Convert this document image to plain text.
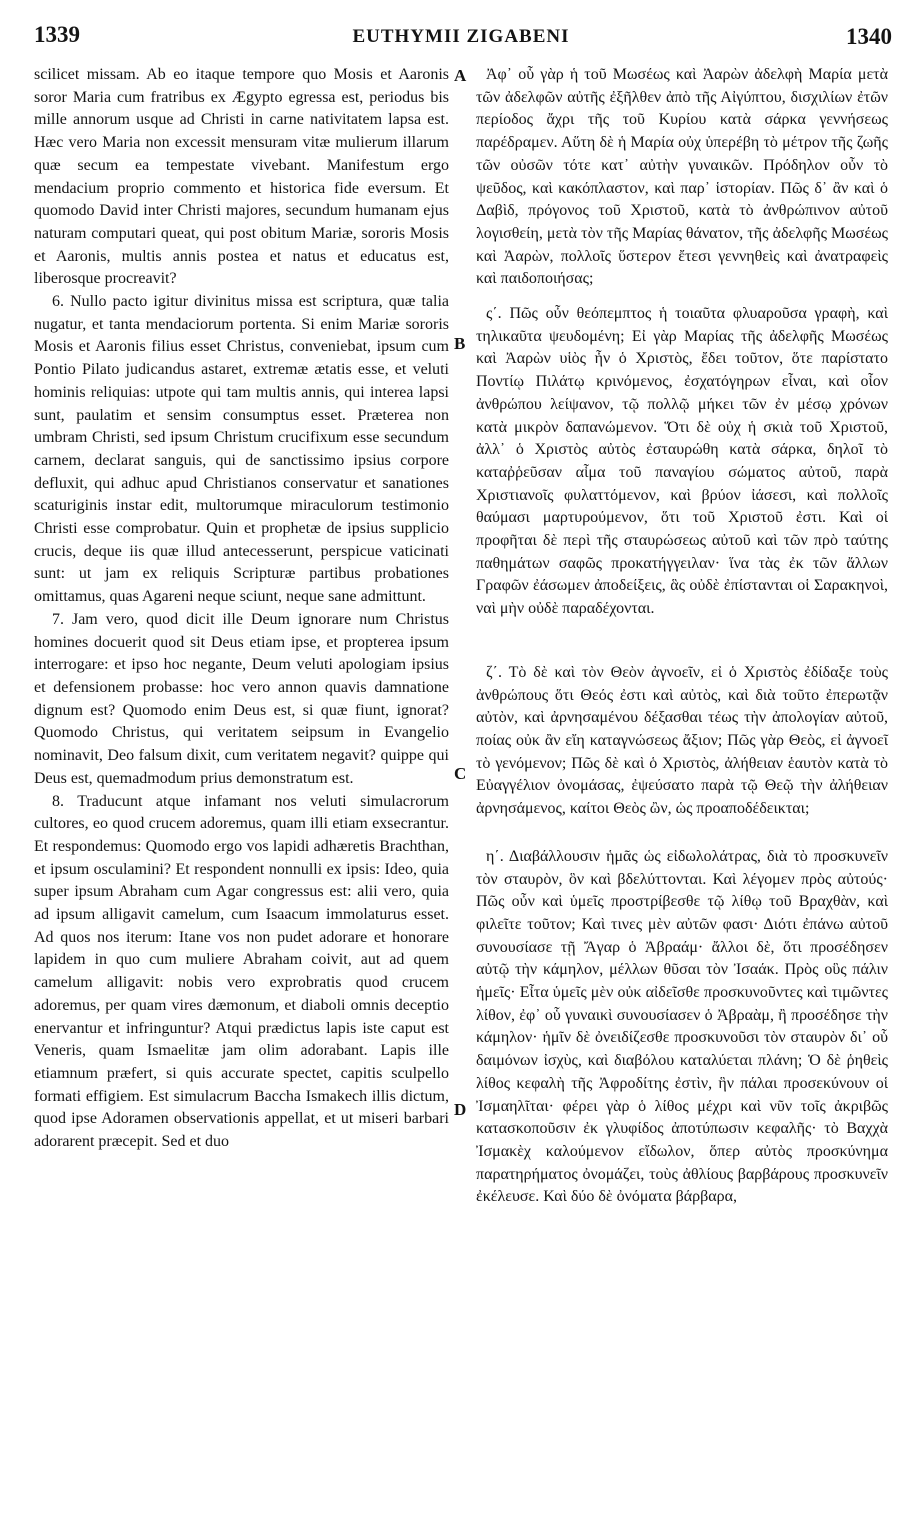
1339	EUTHYMII ZIGABENI	1340

scilicet missam. Ab eo itaque tempore quo Mosis et Aaronis soror Maria cum fratribus ex Ægypto egressa est, periodus bis mille annorum usque ad Christi in carne nativitatem lapsa est. Hæc vero Maria non excessit mensuram vitæ mulierum illarum quæ secum ea tempestate vivebant. Manifestum ergo mendacium proprio commento et historica fide eversum. Et quomodo David inter Christi majores, secundum humanam ejus naturam computari queat, qui post obitum Mariæ, sororis Mosis et Aaronis, multis annis postea et natus et educatus est, liberosque procreavit?

6. Nullo pacto igitur divinitus missa est scriptura, quæ talia nugatur, et tanta mendaciorum portenta. Si enim Mariæ sororis Mosis et Aaronis filius esset Christus, conveniebat, ipsum cum Pontio Pilato judicandus astaret, extremæ ætatis esse, et veluti hominis reliquias: utpote qui tam multis annis, qui interea lapsi sunt, paulatim et sensim consumptus esset. Præterea non umbram Christi, sed ipsum Christum crucifixum esse secundum carnem, declarat sanguis, qui de sanctissimo ipsius corpore defluxit, qui adhuc apud Christianos conservatur et sanationes scaturiginis instar edit, multorumque miraculorum testimonio Christi esse comprobatur. Quin et prophetæ de ipsius supplicio crucis, deque iis quæ illud antecesserunt, perspicue vaticinati sunt: ut jam ex reliquis Scripturæ partibus probationes omittamus, quas Agareni neque sciunt, neque sane admittunt.

7. Jam vero, quod dicit ille Deum ignorare num Christus homines docuerit quod sit Deus etiam ipse, et propterea ipsum interrogare: et ipso hoc negante, Deum veluti apologiam ipsius et defensionem probasse: hoc vero annon quavis damnatione dignum est? Quomodo enim Deus est, si quæ fiunt, ignorat? Quomodo Christus, qui veritatem seipsum in Evangelio nominavit, Deo falsum dixit, cum veritatem negavit? quippe qui Deus est, quemadmodum prius demonstratum est.

8. Traducunt atque infamant nos veluti simulacrorum cultores, eo quod crucem adoremus, quam illi etiam exsecrantur. Et respondemus: Quomodo ergo vos lapidi adhæretis Brachthan, et ipsum osculamini? Et respondent nonnulli ex ipsis: Ideo, quia super ipsum Abraham cum Agar congressus est: alii vero, quia ad ipsum alligavit camelum, cum Isaacum immolaturus esset. Ad quos nos iterum: Itane vos non pudet adorare et honorare lapidem in quo cum muliere Abraham coivit, aut ad quem camelum alligavit: nobis vero exprobratis quod crucem adoremus, per quam vires dæmonum, et diaboli omnis deceptio enervantur et infringuntur? Atqui prædictus lapis iste caput est Veneris, quam Ismaelitæ jam olim adorabant. Lapis ille etiamnum præfert, si quis accurate spectet, capitis sculpello formati effigiem. Est simulacrum Baccha Ismakech illis dictum, quod ipse Adoramen observationis appellat, et ut miseri barbari adorarent præcepit. Sed et duo

A
B
C
D

Ἀφ᾽ οὗ γὰρ ἡ τοῦ Μωσέως καὶ Ἀαρὼν ἀδελφὴ Μαρία μετὰ τῶν ἀδελφῶν αὐτῆς ἐξῆλθεν ἀπὸ τῆς Αἰγύπτου, δισχιλίων ἐτῶν περίοδος ἄχρι τῆς τοῦ Κυρίου κατὰ σάρκα γεννήσεως παρέδραμεν. Αὕτη δὲ ἡ Μαρία οὐχ ὑπερέβη τὸ μέτρον τῆς ζωῆς τῶν οὐσῶν τότε κατ᾽ αὐτὴν γυναικῶν. Πρόδηλον οὖν τὸ ψεῦδος, καὶ κακόπλαστον, καὶ παρ᾽ ἱστορίαν. Πῶς δ᾽ ἂν καὶ ὁ Δαβὶδ, πρόγονος τοῦ Χριστοῦ, κατὰ τὸ ἀνθρώπινον αὐτοῦ λογισθείη, μετὰ τὸν τῆς Μαρίας θάνατον, τῆς ἀδελφῆς Μωσέως καὶ Ἀαρὼν, πολλοῖς ὕστερον ἔτεσι γεννηθεὶς καὶ ἀνατραφεὶς καὶ παιδοποιήσας;

ς΄. Πῶς οὖν θεόπεμπτος ἡ τοιαῦτα φλυαροῦσα γραφὴ, καὶ τηλικαῦτα ψευδομένη; Εἰ γὰρ Μαρίας τῆς ἀδελφῆς Μωσέως καὶ Ἀαρὼν υἱὸς ἦν ὁ Χριστὸς, ἔδει τοῦτον, ὅτε παρίστατο Ποντίῳ Πιλάτῳ κρινόμενος, ἐσχατόγηρων εἶναι, καὶ οἷον ἀνθρώπου λείψανον, τῷ πολλῷ μήκει τῶν ἐν μέσῳ χρόνων κατὰ μικρὸν δαπανώμενον. Ὅτι δὲ οὐχ ἡ σκιὰ τοῦ Χριστοῦ, ἀλλ᾽ ὁ Χριστὸς αὐτὸς ἐσταυρώθη κατὰ σάρκα, δηλοῖ τὸ καταῤῥεῦσαν αἷμα τοῦ παναγίου σώματος αὐτοῦ, παρὰ Χριστιανοῖς φυλαττόμενον, καὶ βρύον ἰάσεσι, καὶ πολλοῖς θαύμασι μαρτυρούμενον, ὅτι τοῦ Χριστοῦ ἐστι. Καὶ οἱ προφῆται δὲ περὶ τῆς σταυρώσεως αὐτοῦ καὶ τῶν πρὸ ταύτης παθημάτων σαφῶς προκατήγγειλαν· ἵνα τὰς ἐκ τῶν ἄλλων Γραφῶν ἐάσωμεν ἀποδείξεις, ἃς οὐδὲ ἐπίστανται οἱ Σαρακηνοὶ, ναὶ μὴν οὐδὲ παραδέχονται.

ζ΄. Τὸ δὲ καὶ τὸν Θεὸν ἀγνοεῖν, εἰ ὁ Χριστὸς ἐδίδαξε τοὺς ἀνθρώπους ὅτι Θεός ἐστι καὶ αὐτὸς, καὶ διὰ τοῦτο ἐπερωτᾷν αὐτὸν, καὶ ἀρνησαμένου δέξασθαι τέως τὴν ἀπολογίαν αὐτοῦ, ποίας οὐκ ἂν εἴη καταγνώσεως ἄξιον; Πῶς γὰρ Θεὸς, εἰ ἀγνοεῖ τὸ γενόμενον; Πῶς δὲ καὶ ὁ Χριστὸς, ἀλήθειαν ἑαυτὸν κατὰ τὸ Εὐαγγέλιον ὀνομάσας, ἐψεύσατο παρὰ τῷ Θεῷ τὴν ἀλήθειαν ἀρνησάμενος, καίτοι Θεὸς ὢν, ὡς προαποδέδεικται;

η΄. Διαβάλλουσιν ἡμᾶς ὡς εἰδωλολάτρας, διὰ τὸ προσκυνεῖν τὸν σταυρὸν, ὃν καὶ βδελύττονται. Καὶ λέγομεν πρὸς αὐτούς· Πῶς οὖν καὶ ὑμεῖς προστρίβεσθε τῷ λίθῳ τοῦ Βραχθὰν, καὶ φιλεῖτε τοῦτον; Καὶ τινες μὲν αὐτῶν φασι· Διότι ἐπάνω αὐτοῦ συνουσίασε τῇ Ἄγαρ ὁ Ἀβραάμ· ἄλλοι δὲ, ὅτι προσέδησεν αὐτῷ τὴν κάμηλον, μέλλων θῦσαι τὸν Ἰσαάκ. Πρὸς οὓς πάλιν ἡμεῖς· Εἶτα ὑμεῖς μὲν οὐκ αἰδεῖσθε προσκυνοῦντες καὶ τιμῶντες λίθον, ἐφ᾽ οὗ γυναικὶ συνουσίασεν ὁ Ἀβραὰμ, ἢ προσέδησε τὴν κάμηλον· ἡμῖν δὲ ὀνειδίζεσθε προσκυνοῦσι τὸν σταυρὸν δι᾽ οὗ δαιμόνων ἰσχὺς, καὶ διαβόλου καταλύεται πλάνη; Ὁ δὲ ῥηθεὶς λίθος κεφαλὴ τῆς Ἀφροδίτης ἐστὶν, ἣν πάλαι προσεκύνουν οἱ Ἰσμαηλῖται· φέρει γὰρ ὁ λίθος μέχρι καὶ νῦν τοῖς ἀκριβῶς κατασκοποῦσιν ἐκ γλυφίδος ἀποτύπωσιν κεφαλῆς· τὸ Βαχχὰ Ἰσμακὲχ καλούμενον εἴδωλον, ὅπερ αὐτὸς προσκύνημα παρατηρήματος ὀνομάζει, τοὺς ἀθλίους βαρβάρους προσκυνεῖν ἐκέλευσε. Καὶ δύο δὲ ὀνόματα βάρβαρα,
